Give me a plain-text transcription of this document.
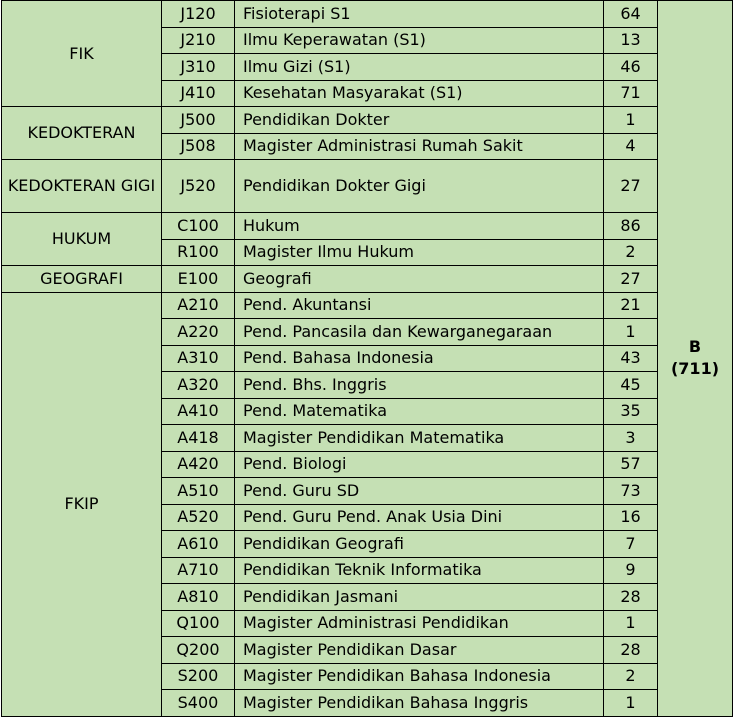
FIK	J120	Fisioterapi S1	64	B
(711)
	J210	Ilmu Keperawatan (S1)	13	
	J310	Ilmu Gizi (S1)	46	
	J410	Kesehatan Masyarakat (S1)	71	
KEDOKTERAN	J500	Pendidikan Dokter	1	
	J508	Magister Administrasi Rumah Sakit	4	
KEDOKTERAN GIGI	J520	Pendidikan Dokter Gigi	27	
HUKUM	C100	Hukum	86	
	R100	Magister Ilmu Hukum	2	
GEOGRAFI	E100	Geografi	27	
FKIP	A210	Pend. Akuntansi	21	
	A220	Pend. Pancasila dan Kewarganegaraan	1	
	A310	Pend. Bahasa Indonesia	43	
	A320	Pend. Bhs. Inggris	45	
	A410	Pend. Matematika	35	
	A418	Magister Pendidikan Matematika	3	
	A420	Pend. Biologi	57	
	A510	Pend. Guru SD	73	
	A520	Pend. Guru Pend. Anak Usia Dini	16	
	A610	Pendidikan Geografi	7	
	A710	Pendidikan Teknik Informatika	9	
	A810	Pendidikan Jasmani	28	
	Q100	Magister Administrasi Pendidikan	1	
	Q200	Magister Pendidikan Dasar	28	
	S200	Magister Pendidikan Bahasa Indonesia	2	
	S400	Magister Pendidikan Bahasa Inggris	1	
